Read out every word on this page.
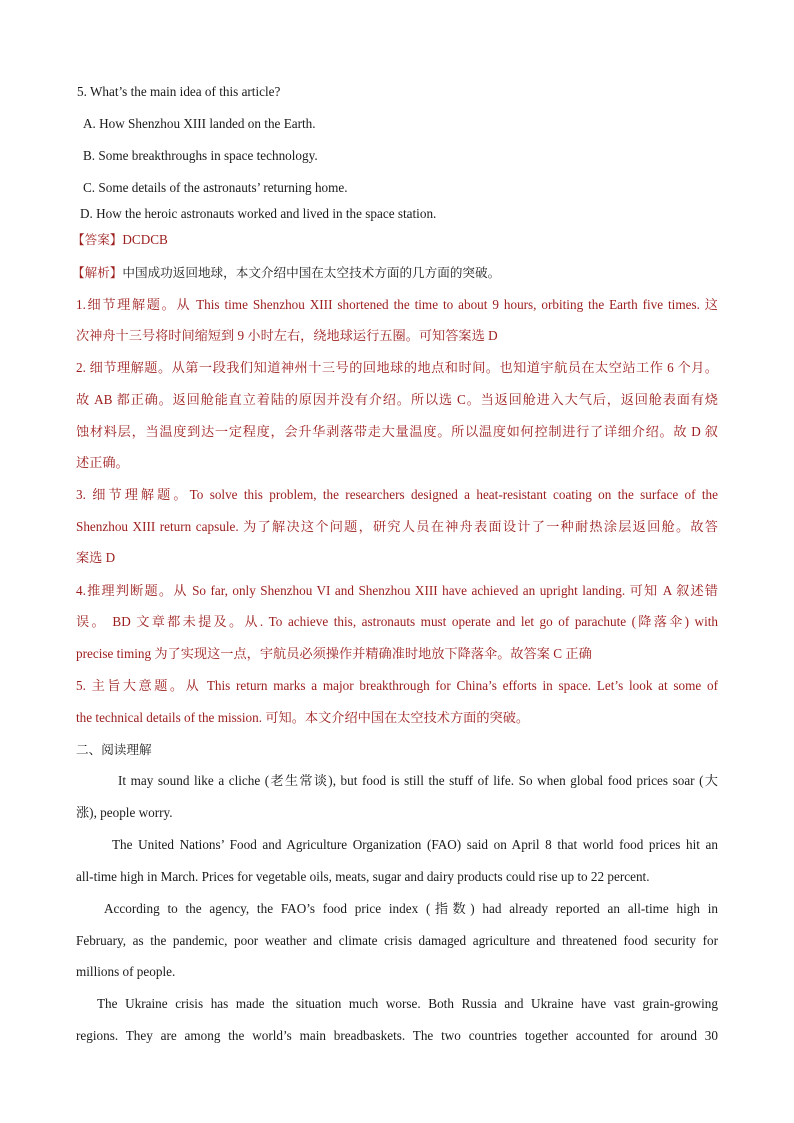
5. What’s the main idea of this article?
A. How Shenzhou XIII landed on the Earth.
B. Some breakthroughs in space technology.
C. Some details of the astronauts’ returning home.
D. How the heroic astronauts worked and lived in the space station.
【答案】DCDCB
【解析】中国成功返回地球，本文介绍中国在太空技术方面的几方面的突破。
1.细节理解题。从 This time Shenzhou XIII shortened the time to about 9 hours, orbiting the Earth five times. 这
次神舟十三号将时间缩短到 9 小时左右，绕地球运行五圈。可知答案选 D
2. 细节理解题。从第一段我们知道神州十三号的回地球的地点和时间。也知道宇航员在太空站工作 6 个月。
故 AB 都正确。返回舱能直立着陆的原因并没有介绍。所以选 C。当返回舱进入大气后，返回舱表面有烧
蚀材料层，当温度到达一定程度，会升华剥落带走大量温度。所以温度如何控制进行了详细介绍。故 D 叙
述正确。
3. 细节理解题。To solve this problem, the researchers designed a heat-resistant coating on the surface of the
Shenzhou XIII return capsule. 为了解决这个问题，研究人员在神舟表面设计了一种耐热涂层返回舱。故答
案选 D
4.推理判断题。从 So far, only Shenzhou VI and Shenzhou XIII have achieved an upright landing. 可知 A 叙述错
误。 BD 文章都未提及。从. To achieve this, astronauts must operate and let go of parachute (降落伞) with
precise timing 为了实现这一点，宇航员必须操作并精确准时地放下降落伞。故答案 C 正确
5. 主旨大意题。从 This return marks a major breakthrough for China’s efforts in space. Let’s look at some of
the technical details of the mission. 可知。本文介绍中国在太空技术方面的突破。
二、阅读理解
It may sound like a cliche (老生常谈), but food is still the stuff of life. So when global food prices soar (大
涨), people worry.
The United Nations’ Food and Agriculture Organization (FAO) said on April 8 that world food prices hit an
all-time high in March. Prices for vegetable oils, meats, sugar and dairy products could rise up to 22 percent.
According to the agency, the FAO’s food price index (指数) had already reported an all-time high in
February, as the pandemic, poor weather and climate crisis damaged agriculture and threatened food security for
millions of people.
The Ukraine crisis has made the situation much worse. Both Russia and Ukraine have vast grain-growing
regions. They are among the world’s main breadbaskets. The two countries together accounted for around 30
